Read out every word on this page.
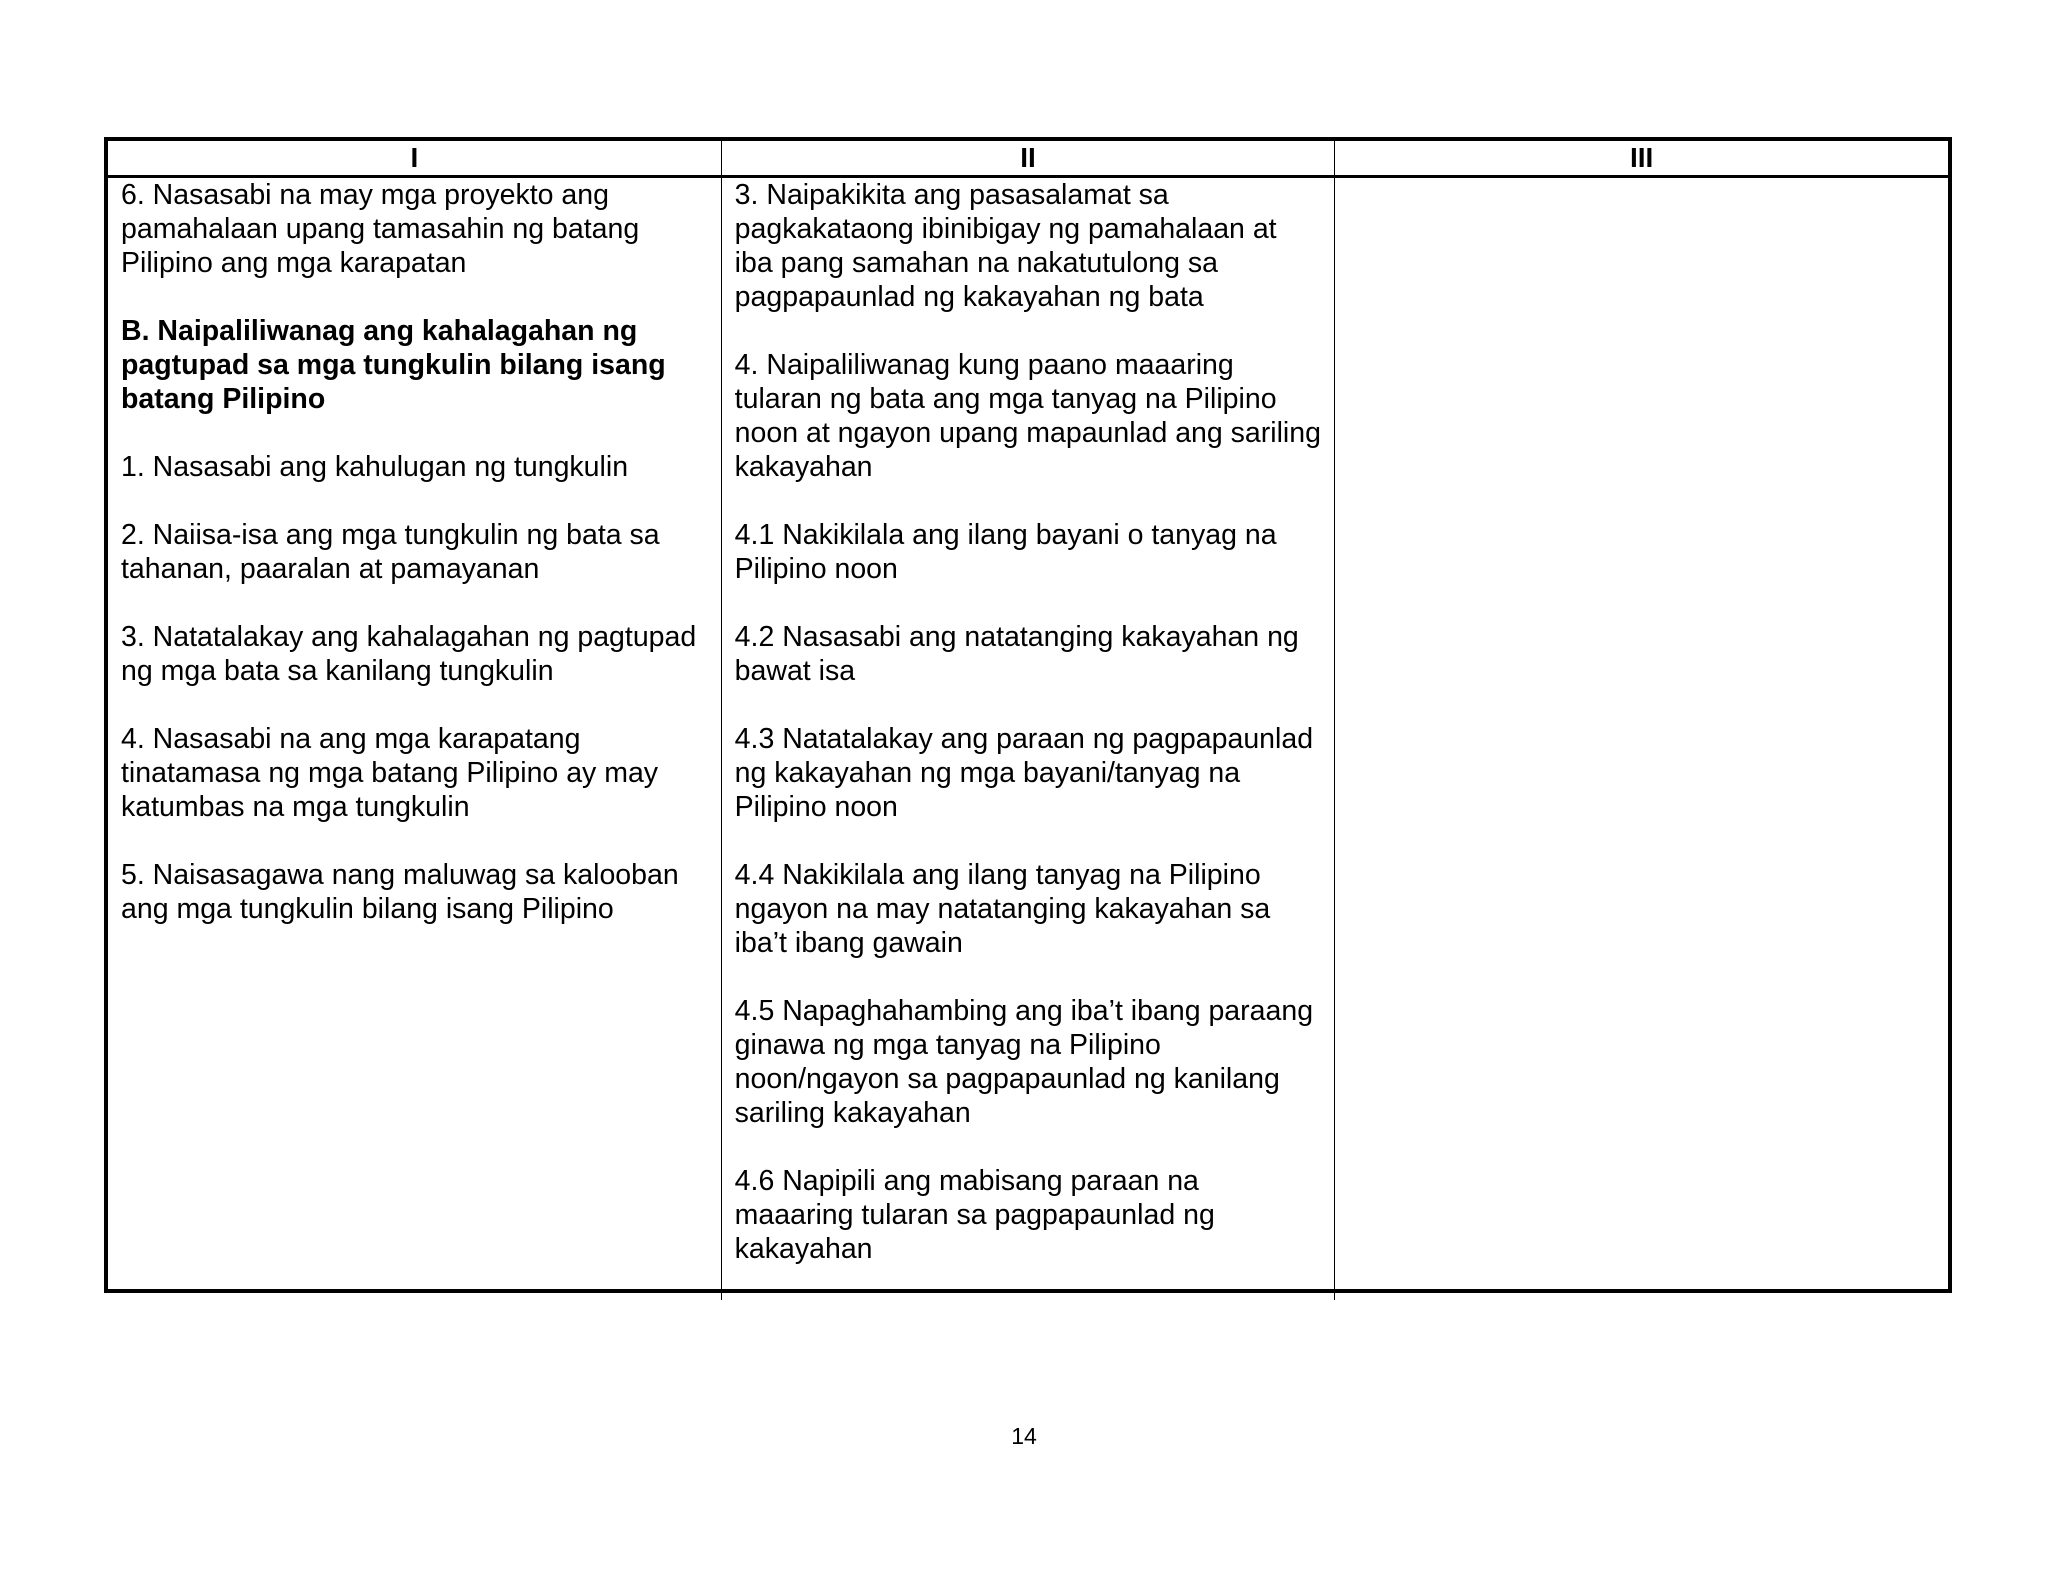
I	II	III

6. Nasasabi na may mga proyekto ang pamahalaan upang tamasahin ng batang Pilipino ang mga karapatan

B. Naipaliliwanag ang kahalagahan ng pagtupad sa mga tungkulin bilang isang batang Pilipino

1. Nasasabi ang kahulugan ng tungkulin

2. Naiisa-isa ang mga tungkulin ng bata sa tahanan, paaralan at pamayanan

3. Natatalakay ang kahalagahan ng pagtupad ng mga bata sa kanilang tungkulin

4. Nasasabi na ang mga karapatang tinatamasa ng mga batang Pilipino ay may katumbas na mga tungkulin

5. Naisasagawa nang maluwag sa kalooban ang mga tungkulin bilang isang Pilipino

3. Naipakikita ang pasasalamat sa pagkakataong ibinibigay ng pamahalaan at iba pang samahan na nakatutulong sa pagpapaunlad ng kakayahan ng bata

4. Naipaliliwanag kung paano maaaring tularan ng bata ang mga tanyag na Pilipino noon at ngayon upang mapaunlad ang sariling kakayahan

4.1 Nakikilala ang ilang bayani o tanyag na Pilipino noon

4.2 Nasasabi ang natatanging kakayahan ng bawat isa

4.3 Natatalakay ang paraan ng pagpapaunlad ng kakayahan ng mga bayani/tanyag na Pilipino noon

4.4 Nakikilala ang ilang tanyag na Pilipino ngayon na may natatanging kakayahan sa iba’t ibang gawain

4.5 Napaghahambing ang iba’t ibang paraang ginawa ng mga tanyag na Pilipino noon/ngayon sa pagpapaunlad ng kanilang sariling kakayahan

4.6 Napipili ang mabisang paraan na maaaring tularan sa pagpapaunlad ng kakayahan

14
